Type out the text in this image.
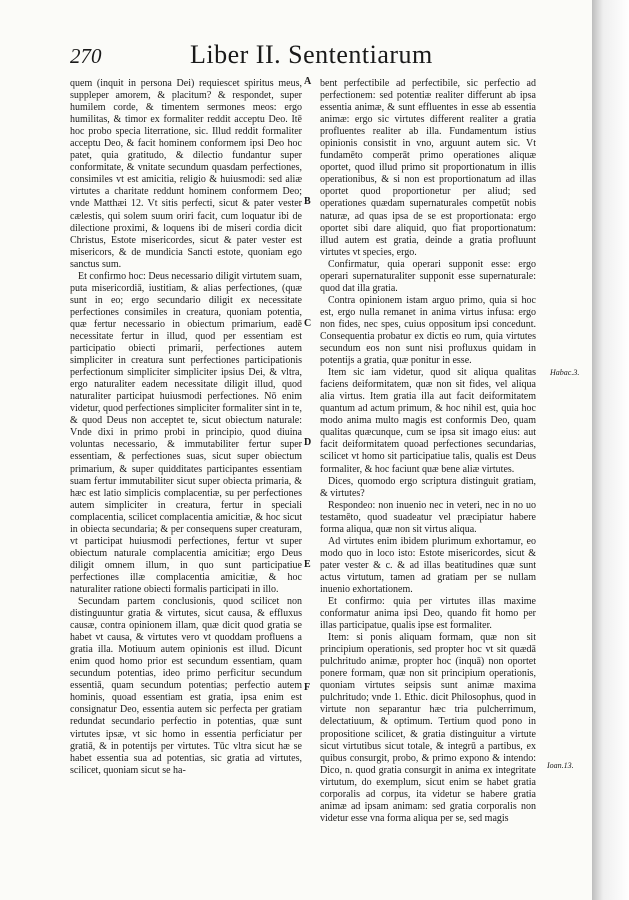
270	Liber II. Sententiarum

quem (inquit in persona Dei) requiescet spiritus meus, suppleper amorem, & placitum? & respondet, super humilem corde, & timentem sermones meos: ergo humilitas, & timor ex formaliter reddit acceptu Deo. Itē hoc probo specia literratione, sic. Illud reddit formaliter acceptu Deo, & facit hominem conformem ipsi Deo hoc patet, quia gratitudo, & dilectio fundantur super conformitate, & vnitate secundum quasdam perfectiones, consimiles vt est amicitia, religio & huiusmodi: sed aliæ virtutes a charitate reddunt hominem conformem Deo; vnde Matthæi 12. Vt sitis perfecti, sicut & pater vester cælestis, qui solem suum oriri facit, cum loquatur ibi de dilectione proximi, & loquens ibi de miseri cordia dicit Christus, Estote misericordes, sicut & pater vester est misericors, & de mundicia Sancti estote, quoniam ego sanctus sum.

Et confirmo hoc: Deus necessario diligit virtutem suam, puta misericordiā, iustitiam, & alias perfectiones, (quæ sunt in eo; ergo secundario diligit ex necessitate perfectiones consimiles in creatura, quoniam potentia, quæ fertur necessario in obiectum primarium, eadē necessitate fertur in illud, quod per essentiam est participatio obiecti primarii, perfectiones autem simpliciter in creatura sunt perfectiones participationis perfectionum simpliciter simpliciter ipsius Dei, & vltra, ergo naturaliter eadem necessitate diligit illud, quod naturaliter participat huiusmodi perfectiones. Nō enim videtur, quod perfectiones simpliciter formaliter sint in te, & quod Deus non acceptet te, sicut obiectum naturale: Vnde dixi in primo probi in principio, quod diuina voluntas necessario, & immutabiliter fertur super essentiam, & perfectiones suas, sicut super obiectum primarium, & super quidditates participantes essentiam suam fertur immutabiliter sicut super obiecta primaria, & hæc est latio simplicis complacentiæ, su per perfectiones autem simpliciter in creatura, fertur in speciali complacentia, scilicet complacentia amicitiæ, & hoc sicut in obiecta secundaria; & per consequens super creaturam, vt participat huiusmodi perfectiones, fertur vt super obiectum naturale complacentia amicitiæ; ergo Deus diligit omnem illum, in quo sunt participatiue perfectiones illæ complacentia amicitiæ, & hoc naturaliter ratione obiecti formalis participati in illo.

Secundam partem conclusionis, quod scilicet non distinguuntur gratia & virtutes, sicut causa, & effluxus causæ, contra opinionem illam, quæ dicit quod gratia se habet vt causa, & virtutes vero vt quoddam profluens a gratia illa. Motiuum autem opinionis est illud. Dicunt enim quod homo prior est secundum essentiam, quam secundum potentias, ideo primo perficitur secundum essentiā, quam secundum potentias; perfectio autem hominis, quoad essentiam est gratia, ipsa enim est consignatur Deo, essentia autem sic perfecta per gratiam redundat secundario perfectio in potentias, quæ sunt virtutes ipsæ, vt sic homo in essentia perficiatur per gratiā, & in potentijs per virtutes. Tūc vltra sicut hæ se habet essentia sua ad potentias, sic gratia ad virtutes, scilicet, quoniam sicut se ha-

A
B
C
D
E
F

bent perfectibile ad perfectibile, sic perfectio ad perfectionem: sed potentiæ realiter differunt ab ipsa essentia animæ, & sunt effluentes in esse ab essentia animæ: ergo sic virtutes different realiter a gratia profluentes realiter ab illa. Fundamentum istius opinionis consistit in vno, arguunt autem sic. Vt fundamēto comperāt primo operationes aliquæ oportet, quod illud primo sit proportionatum in illis operationibus, & si non est proportionatum ad illas oportet quod proportionetur per aliud; sed operationes quædam supernaturales competūt nobis naturæ, ad quas ipsa de se est proportionata: ergo oportet sibi dare aliquid, quo fiat proportionatum: illud autem est gratia, deinde a gratia profluunt virtutes vt species, ergo.

Confirmatur, quia operari supponit esse: ergo operari supernaturaliter supponit esse supernaturale: quod dat illa gratia.

Contra opinionem istam arguo primo, quia si hoc est, ergo nulla remanet in anima virtus infusa: ergo non fides, nec spes, cuius oppositum ipsi concedunt. Consequentia probatur ex dictis eo rum, quia virtutes secundum eos non sunt nisi profluxus quidam in potentijs a gratia, quæ ponitur in esse.

Item sic iam videtur, quod sit aliqua qualitas faciens deiformitatem, quæ non sit fides, vel aliqua alia virtus. Item gratia illa aut facit deiformitatem quantum ad actum primum, & hoc nihil est, quia hoc modo anima multo magis est conformis Deo, quam qualitas quæcunque, cum se ipsa sit imago eius: aut facit deiformitatem quoad perfectiones secundarias, scilicet vt homo sit participatiue talis, qualis est Deus formaliter, & hoc faciunt quæ bene aliæ virtutes.

Dices, quomodo ergo scriptura distinguit gratiam, & virtutes?

Respondeo: non inuenio nec in veteri, nec in no uo testamēto, quod suadeatur vel præcipiatur habere forma aliqua, quæ non sit virtus aliqua.

Ad virtutes enim ibidem plurimum exhortamur, eo modo quo in loco isto: Estote misericordes, sicut & pater vester & c. & ad illas beatitudines quæ sunt actus virtutum, tamen ad gratiam per se nullam inuenio exhortationem.

Et confirmo: quia per virtutes illas maxime conformatur anima ipsi Deo, quando fit homo per illas participatue, qualis ipse est formaliter.

Item: si ponis aliquam formam, quæ non sit principium operationis, sed propter hoc vt sit quædā pulchritudo animæ, propter hoc (inquā) non oportet ponere formam, quæ non sit principium operationis, quoniam virtutes seipsis sunt animæ maxima pulchritudo; vnde 1. Ethic. dicit Philosophus, quod in virtute non separantur hæc tria pulcherrimum, delectatiuum, & optimum. Tertium quod pono in propositione scilicet, & gratia distinguitur a virtute sicut virtutibus sicut totale, & integrū a partibus, ex quibus consurgit, probo, & primo expono & intendo: Dico, n. quod gratia consurgit in anima ex integritate virtutum, do exemplum, sicut enim se habet gratia corporalis ad corpus, ita videtur se habere gratia animæ ad ipsam animam: sed gratia corporalis non videtur esse vna forma aliqua per se, sed magis

Habac.3.
Ioan.13.
